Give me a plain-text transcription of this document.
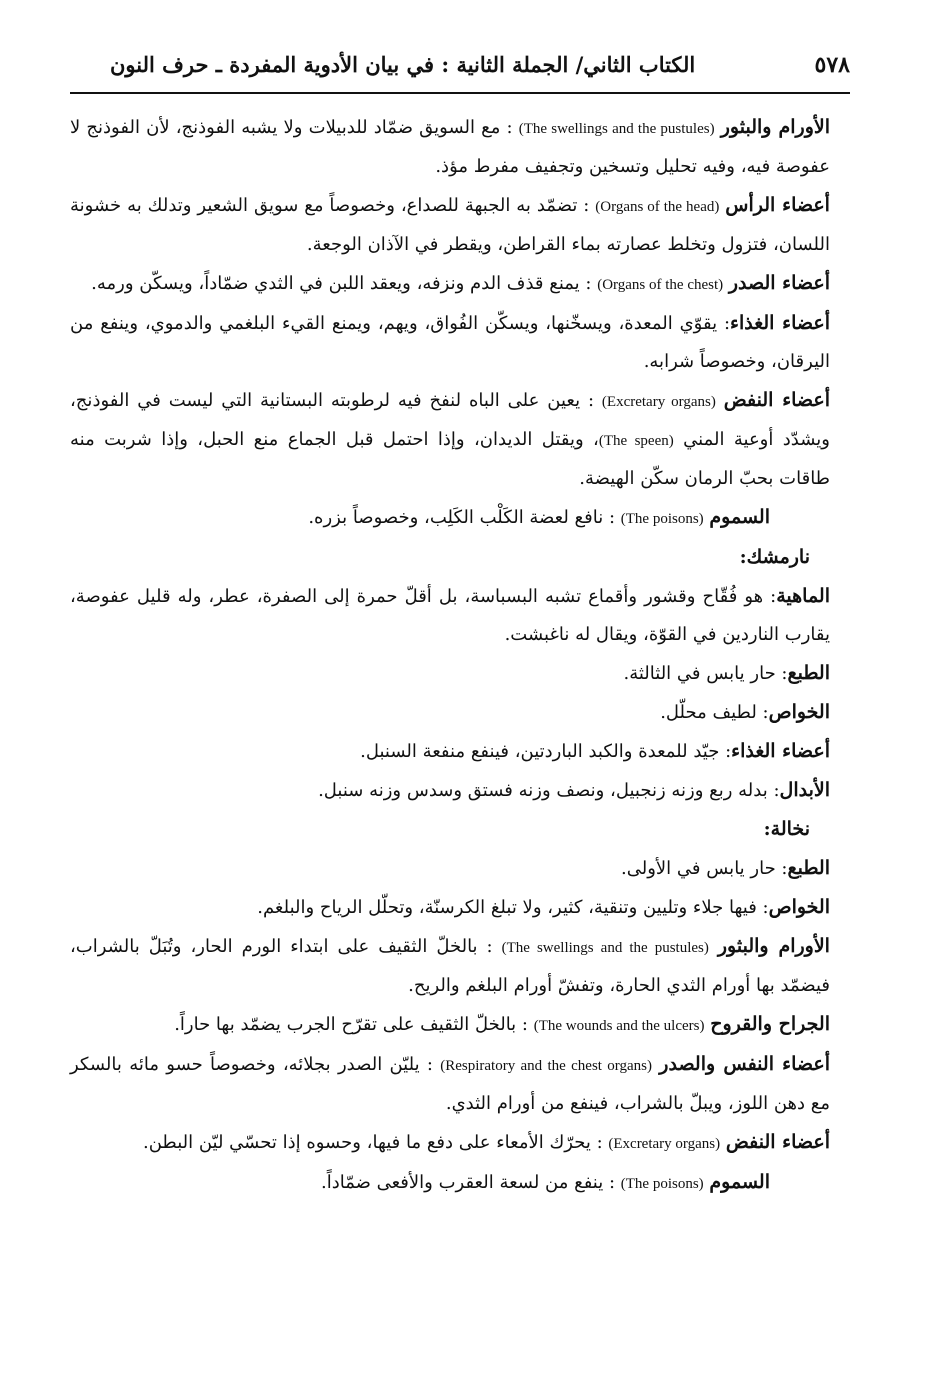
الكتاب الثاني/ الجملة الثانية : في بيان الأدوية المفردة ـ حرف النون	٥٧٨

الأورام والبثور (The swellings and the pustules) : مع السويق ضمّاد للدبيلات ولا يشبه الفوذنج، لأن الفوذنج لا عفوصة فيه، وفيه تحليل وتسخين وتجفيف مفرط مؤذ.

أعضاء الرأس (Organs of the head) : تضمّد به الجبهة للصداع، وخصوصاً مع سويق الشعير وتدلك به خشونة اللسان، فتزول وتخلط عصارته بماء القراطن، ويقطر في الآذان الوجعة.

أعضاء الصدر (Organs of the chest) : يمنع قذف الدم ونزفه، ويعقد اللبن في الثدي ضمّاداً، ويسكّن ورمه.

أعضاء الغذاء: يقوّي المعدة، ويسخّنها، ويسكّن الفُواق، ويهم، ويمنع القيء البلغمي والدموي، وينفع من اليرقان، وخصوصاً شرابه.

أعضاء النفض (Excretary organs) : يعين على الباه لنفخ فيه لرطوبته البستانية التي ليست في الفوذنج، ويشدّد أوعية المني (The speen)، ويقتل الديدان، وإذا احتمل قبل الجماع منع الحبل، وإذا شربت منه طاقات بحبّ الرمان سكّن الهيضة.

السموم (The poisons) : نافع لعضة الكَلْب الكَلِب، وخصوصاً بزره.

نارمشك:

الماهية: هو فُقّاح وقشور وأقماع تشبه البسباسة، بل أقلّ حمرة إلى الصفرة، عطر، وله قليل عفوصة، يقارب الناردين في القوّة، ويقال له ناغبشت.

الطبع: حار يابس في الثالثة.

الخواص: لطيف محلّل.

أعضاء الغذاء: جيّد للمعدة والكبد الباردتين، فينفع منفعة السنبل.

الأبدال: بدله ربع وزنه زنجبيل، ونصف وزنه فستق وسدس وزنه سنبل.

نخالة:

الطبع: حار يابس في الأولى.

الخواص: فيها جلاء وتليين وتنقية، كثير، ولا تبلغ الكرسنّة، وتحلّل الرياح والبلغم.

الأورام والبثور (The swellings and the pustules) : بالخلّ الثقيف على ابتداء الورم الحار، وتُبَلّ بالشراب، فيضمّد بها أورام الثدي الحارة، وتفشّ أورام البلغم والريح.

الجراح والقروح (The wounds and the ulcers) : بالخلّ الثقيف على تقرّح الجرب يضمّد بها حاراً.

أعضاء النفس والصدر (Respiratory and the chest organs) : يليّن الصدر بجلائه، وخصوصاً حسو مائه بالسكر مع دهن اللوز، ويبلّ بالشراب، فينفع من أورام الثدي.

أعضاء النفض (Excretary organs) : يحرّك الأمعاء على دفع ما فيها، وحسوه إذا تحسّي ليّن البطن.

السموم (The poisons) : ينفع من لسعة العقرب والأفعى ضمّاداً.
